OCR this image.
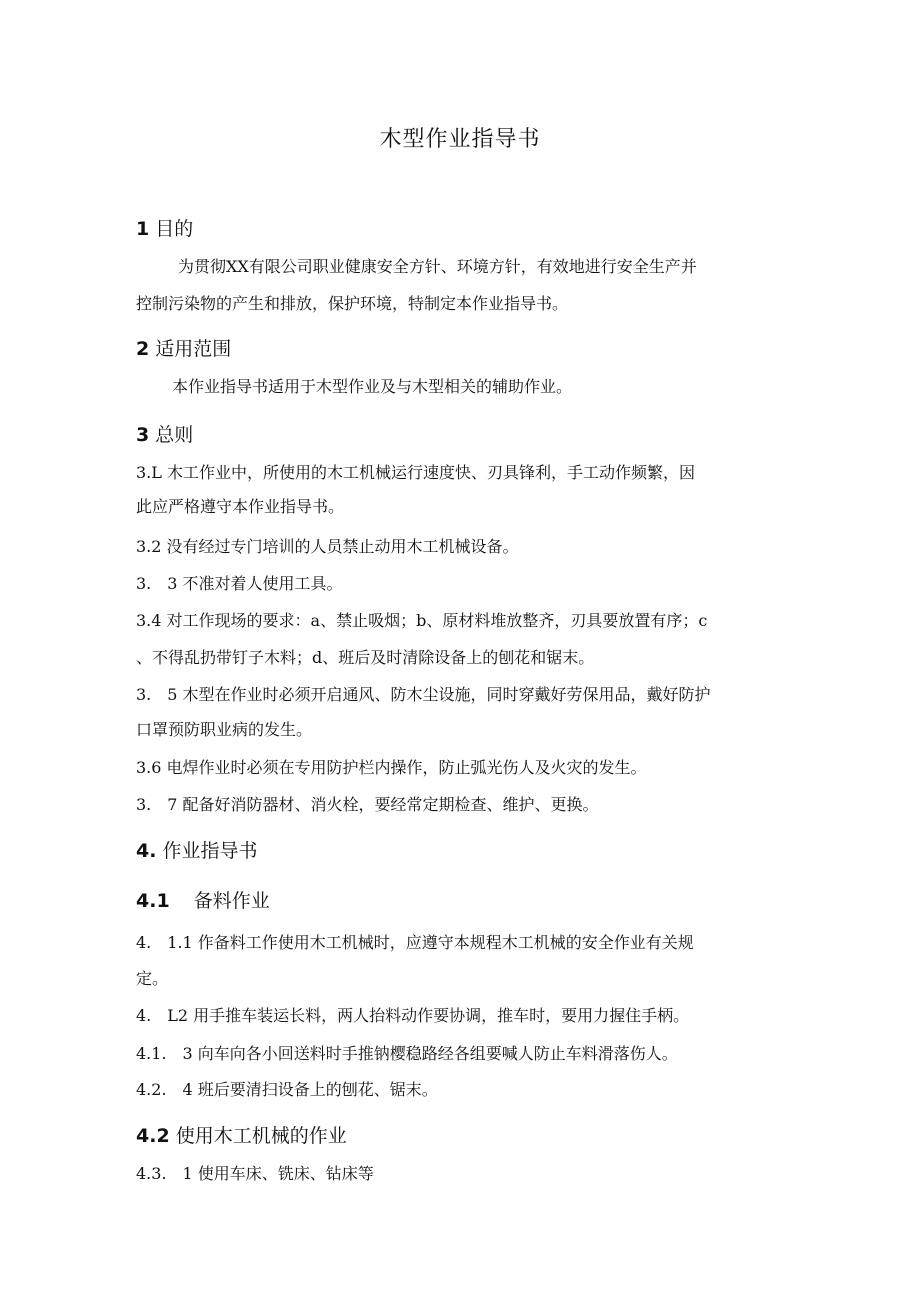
木型作业指导书
1 目的

为贯彻XX有限公司职业健康安全方针、环境方针，有效地进行安全生产并

控制污染物的产生和排放，保护环境，特制定本作业指导书。

2 适用范围

本作业指导书适用于木型作业及与木型相关的辅助作业。

3 总则

3.L 木工作业中，所使用的木工机械运行速度快、刃具锋利，手工动作频繁，因

此应严格遵守本作业指导书。

3.2 没有经过专门培训的人员禁止动用木工机械设备。

3.　3 不准对着人使用工具。

3.4 对工作现场的要求：a、禁止吸烟；b、原材料堆放整齐，刃具要放置有序；c

、不得乱扔带钉子木料；d、班后及时清除设备上的刨花和锯末。

3.　5 木型在作业时必须开启通风、防木尘设施，同时穿戴好劳保用品，戴好防护

口罩预防职业病的发生。

3.6 电焊作业时必须在专用防护栏内操作，防止弧光伤人及火灾的发生。

3.　7 配备好消防器材、消火栓，要经常定期检查、维护、更换。

4. 作业指导书
4.1 备料作业

4.　1.1 作备料工作使用木工机械时，应遵守本规程木工机械的安全作业有关规

定。

4.　L2 用手推车装运长料，两人抬料动作要协调，推车时，要用力握住手柄。

4.1.　3 向车向各小回送料时手推钠樱稳路经各组要喊人防止车料滑落伤人。

4.2.　4 班后要清扫设备上的刨花、锯末。

4.2 使用木工机械的作业

4.3.　1 使用车床、铣床、钻床等
